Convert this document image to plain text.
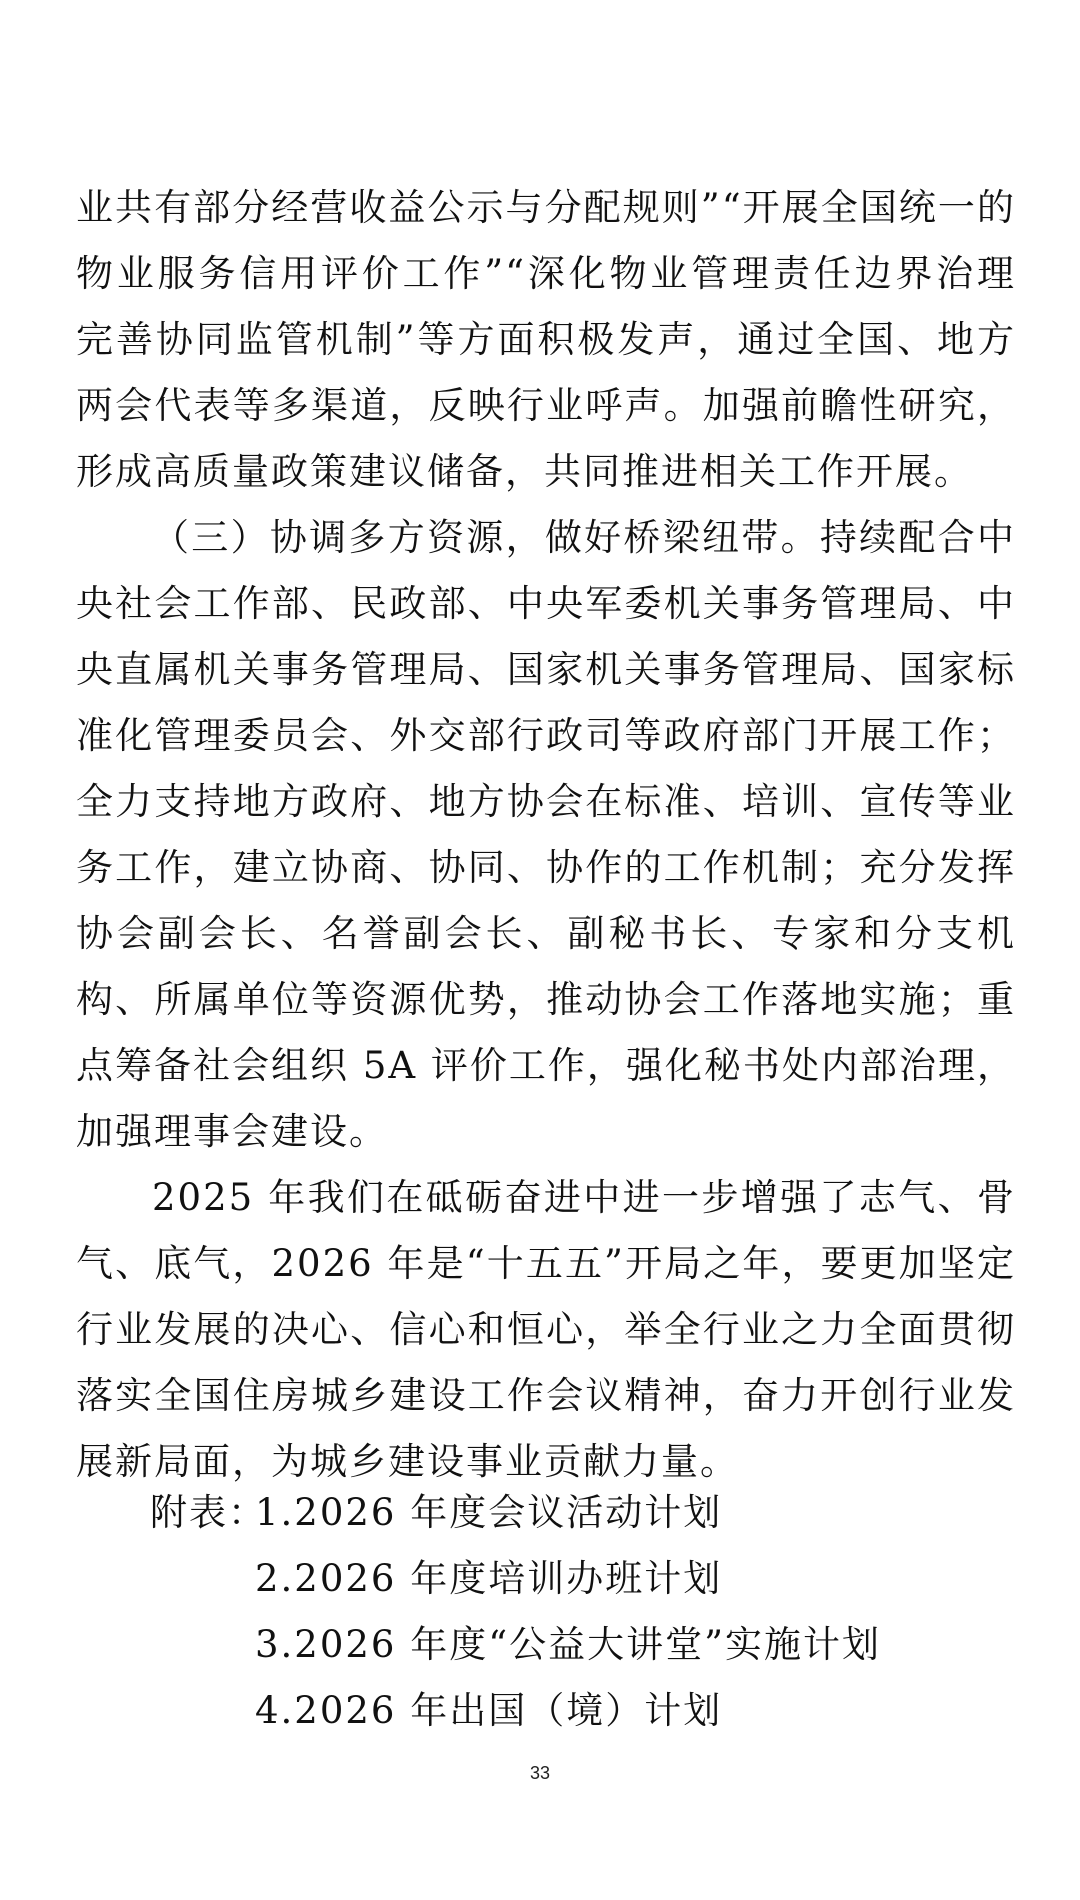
业共有部分经营收益公示与分配规则”“开展全国统一的物业服务信用评价工作”“深化物业管理责任边界治理 完善协同监管机制”等方面积极发声，通过全国、地方两会代表等多渠道，反映行业呼声。加强前瞻性研究，形成高质量政策建议储备，共同推进相关工作开展。

（三）协调多方资源，做好桥梁纽带。持续配合中央社会工作部、民政部、中央军委机关事务管理局、中央直属机关事务管理局、国家机关事务管理局、国家标准化管理委员会、外交部行政司等政府部门开展工作；全力支持地方政府、地方协会在标准、培训、宣传等业务工作，建立协商、协同、协作的工作机制；充分发挥协会副会长、名誉副会长、副秘书长、专家和分支机构、所属单位等资源优势，推动协会工作落地实施；重点筹备社会组织 5A 评价工作，强化秘书处内部治理，加强理事会建设。

2025 年我们在砥砺奋进中进一步增强了志气、骨气、底气，2026 年是“十五五”开局之年，要更加坚定行业发展的决心、信心和恒心，举全行业之力全面贯彻落实全国住房城乡建设工作会议精神，奋力开创行业发展新局面，为城乡建设事业贡献力量。

附表：
1.2026 年度会议活动计划
2.2026 年度培训办班计划
3.2026 年度“公益大讲堂”实施计划
4.2026 年出国（境）计划
33
